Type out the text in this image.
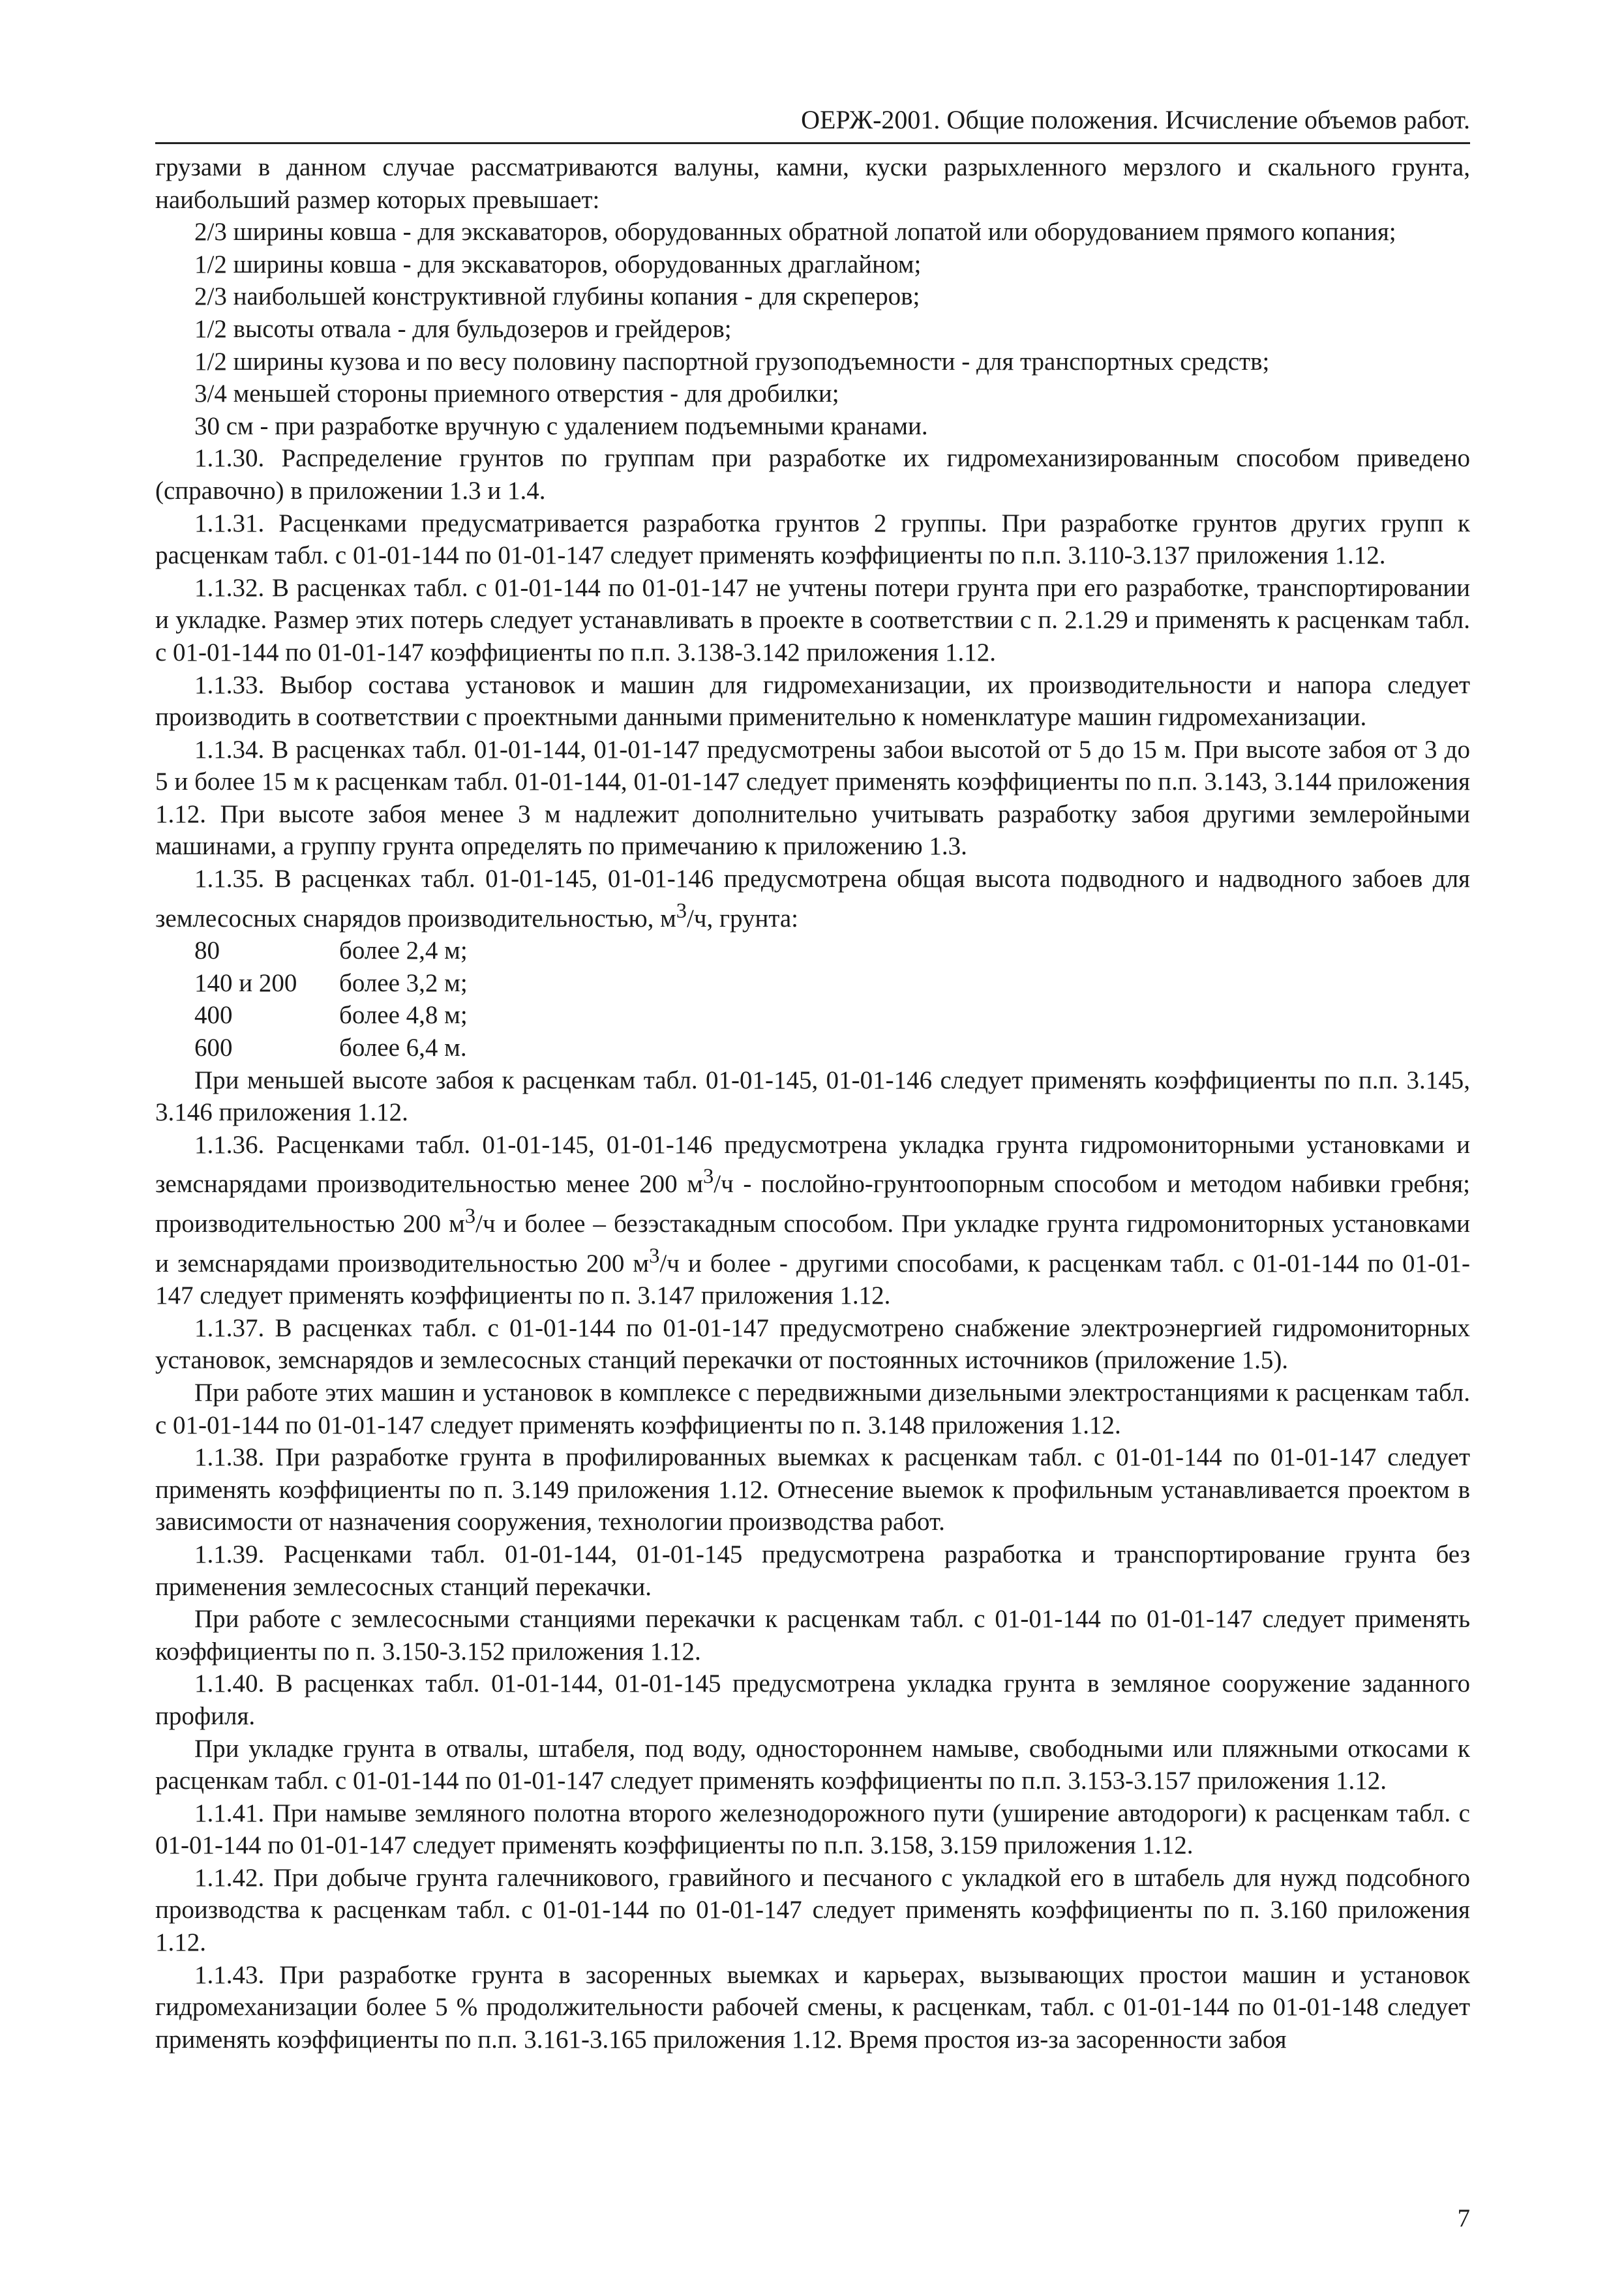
ОЕРЖ-2001. Общие положения. Исчисление объемов работ.

грузами в данном случае рассматриваются валуны, камни, куски разрыхленного мерзлого и скального грунта, наибольший размер которых превышает:

2/3 ширины ковша - для экскаваторов, оборудованных обратной лопатой или оборудованием прямого копания;

1/2 ширины ковша - для экскаваторов, оборудованных драглайном;

2/3 наибольшей конструктивной глубины копания - для скреперов;

1/2 высоты отвала - для бульдозеров и грейдеров;

1/2 ширины кузова и по весу половину паспортной грузоподъемности - для транспортных средств;

3/4 меньшей стороны приемного отверстия - для дробилки;

30 см - при разработке вручную с удалением подъемными кранами.

1.1.30. Распределение грунтов по группам при разработке их гидромеханизированным способом приведено (справочно) в приложении 1.3 и 1.4.

1.1.31. Расценками предусматривается разработка грунтов 2 группы. При разработке грунтов других групп к расценкам табл. с 01-01-144 по 01-01-147 следует применять коэффициенты по п.п. 3.110-3.137 приложения 1.12.

1.1.32. В расценках табл. с 01-01-144 по 01-01-147 не учтены потери грунта при его разработке, транспортировании и укладке. Размер этих потерь следует устанавливать в проекте в соответствии с п. 2.1.29 и применять к расценкам табл. с 01-01-144 по 01-01-147 коэффициенты по п.п. 3.138-3.142 приложения 1.12.

1.1.33. Выбор состава установок и машин для гидромеханизации, их производительности и напора следует производить в соответствии с проектными данными применительно к номенклатуре машин гидромеханизации.

1.1.34. В расценках табл. 01-01-144, 01-01-147 предусмотрены забои высотой от 5 до 15 м. При высоте забоя от 3 до 5 и более 15 м к расценкам табл. 01-01-144, 01-01-147 следует применять коэффициенты по п.п. 3.143, 3.144 приложения 1.12. При высоте забоя менее 3 м надлежит дополнительно учитывать разработку забоя другими землеройными машинами, а группу грунта определять по примечанию к приложению 1.3.

1.1.35. В расценках табл. 01-01-145, 01-01-146 предусмотрена общая высота подводного и надводного забоев для землесосных снарядов производительностью, $м^3/ч$, грунта:

80	более 2,4 м;
140 и 200	более 3,2 м;
400	более 4,8 м;
600	более 6,4 м.

При меньшей высоте забоя к расценкам табл. 01-01-145, 01-01-146 следует применять коэффициенты по п.п. 3.145, 3.146 приложения 1.12.

1.1.36. Расценками табл. 01-01-145, 01-01-146 предусмотрена укладка грунта гидромониторными установками и земснарядами производительностью менее 200 $м^3/ч$ - послойно-грунтоопорным способом и методом набивки гребня; производительностью 200 $м^3/ч$ и более – безэстакадным способом. При укладке грунта гидромониторных установками и земснарядами производительностью 200 $м^3/ч$ и более - другими способами, к расценкам табл. с 01-01-144 по 01-01-147 следует применять коэффициенты по п. 3.147 приложения 1.12.

1.1.37. В расценках табл. с 01-01-144 по 01-01-147 предусмотрено снабжение электроэнергией гидромониторных установок, земснарядов и землесосных станций перекачки от постоянных источников (приложение 1.5).

При работе этих машин и установок в комплексе с передвижными дизельными электростанциями к расценкам табл. с 01-01-144 по 01-01-147 следует применять коэффициенты по п. 3.148 приложения 1.12.

1.1.38. При разработке грунта в профилированных выемках к расценкам табл. с 01-01-144 по 01-01-147 следует применять коэффициенты по п. 3.149 приложения 1.12. Отнесение выемок к профильным устанавливается проектом в зависимости от назначения сооружения, технологии производства работ.

1.1.39. Расценками табл. 01-01-144, 01-01-145 предусмотрена разработка и транспортирование грунта без применения землесосных станций перекачки.

При работе с землесосными станциями перекачки к расценкам табл. с 01-01-144 по 01-01-147 следует применять коэффициенты по п. 3.150-3.152 приложения 1.12.

1.1.40. В расценках табл. 01-01-144, 01-01-145 предусмотрена укладка грунта в земляное сооружение заданного профиля.

При укладке грунта в отвалы, штабеля, под воду, одностороннем намыве, свободными или пляжными откосами к расценкам табл. с 01-01-144 по 01-01-147 следует применять коэффициенты по п.п. 3.153-3.157 приложения 1.12.

1.1.41. При намыве земляного полотна второго железнодорожного пути (уширение автодороги) к расценкам табл. с 01-01-144 по 01-01-147 следует применять коэффициенты по п.п. 3.158, 3.159 приложения 1.12.

1.1.42. При добыче грунта галечникового, гравийного и песчаного с укладкой его в штабель для нужд подсобного производства к расценкам табл. с 01-01-144 по 01-01-147 следует применять коэффициенты по п. 3.160 приложения 1.12.

1.1.43. При разработке грунта в засоренных выемках и карьерах, вызывающих простои машин и установок гидромеханизации более 5 % продолжительности рабочей смены, к расценкам, табл. с 01-01-144 по 01-01-148 следует применять коэффициенты по п.п. 3.161-3.165 приложения 1.12. Время простоя из-за засоренности забоя

7
